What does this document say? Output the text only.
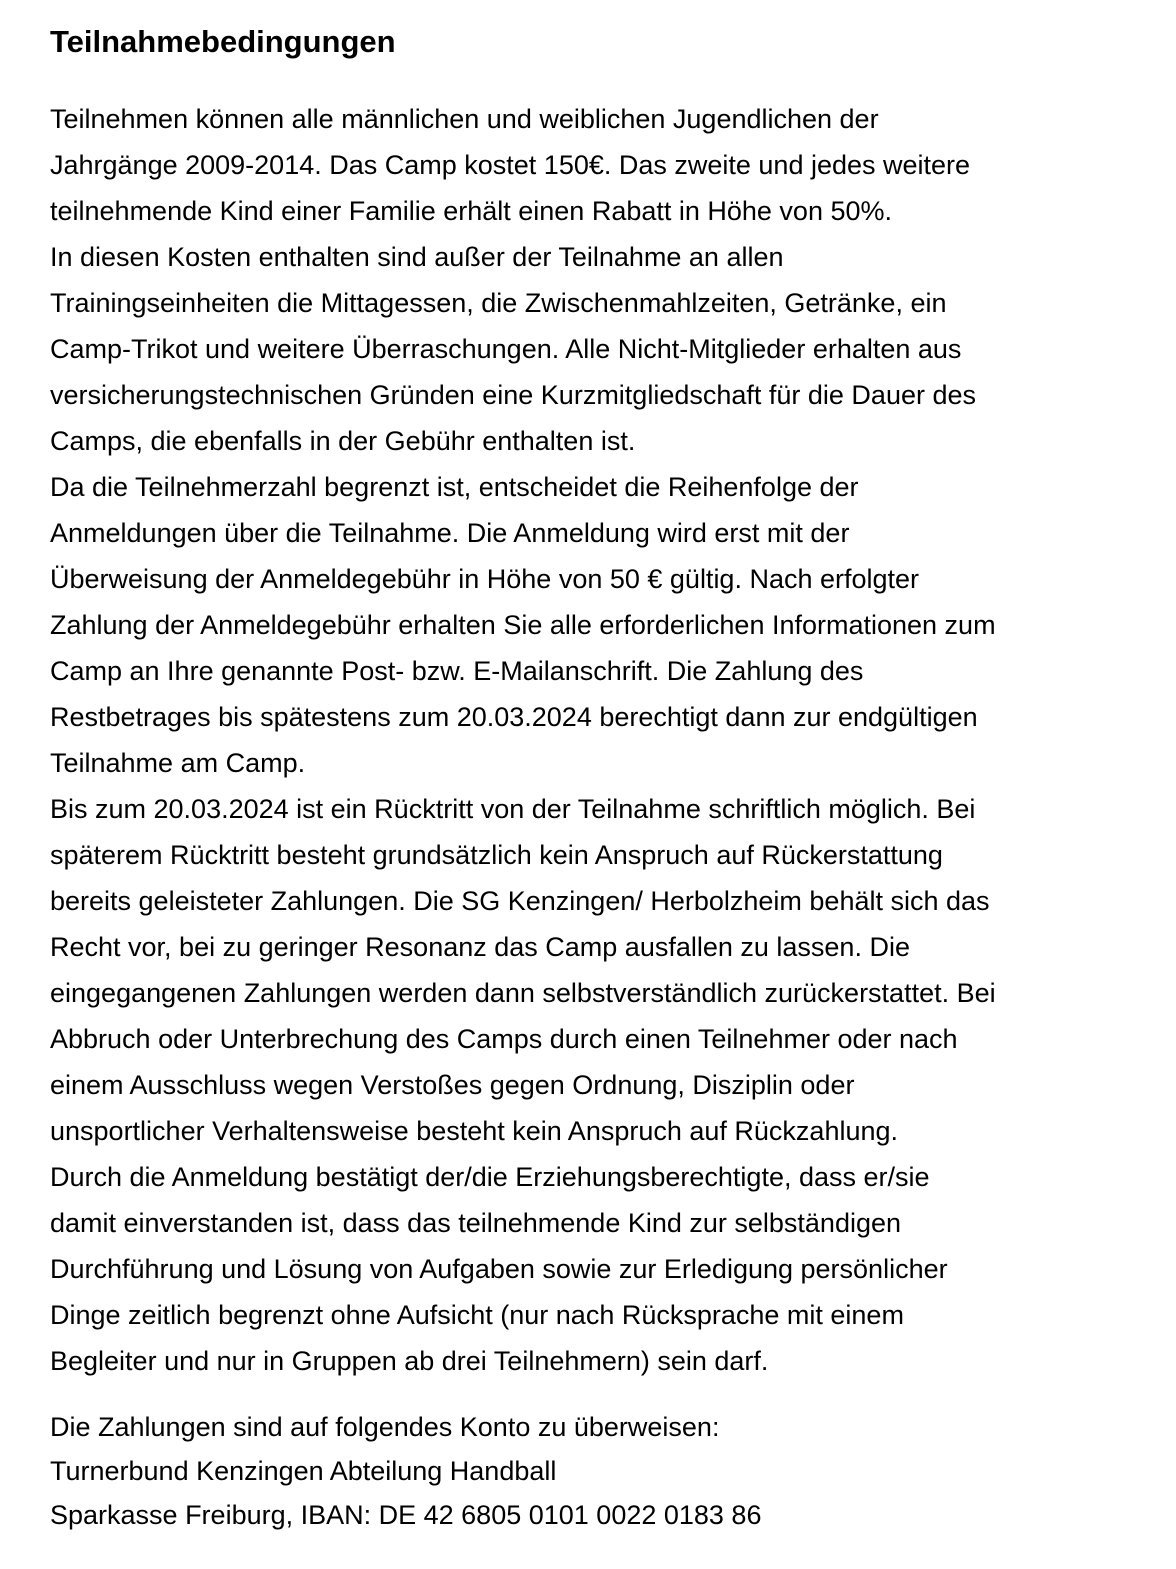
Teilnahmebedingungen
Teilnehmen können alle männlichen und weiblichen Jugendlichen der
Jahrgänge 2009-2014. Das Camp kostet 150€. Das zweite und jedes weitere
teilnehmende Kind einer Familie erhält einen Rabatt in Höhe von 50%.
In diesen Kosten enthalten sind außer der Teilnahme an allen
Trainingseinheiten die Mittagessen, die Zwischenmahlzeiten, Getränke, ein
Camp-Trikot und weitere Überraschungen. Alle Nicht-Mitglieder erhalten aus
versicherungstechnischen Gründen eine Kurzmitgliedschaft für die Dauer des
Camps, die ebenfalls in der Gebühr enthalten ist.
Da die Teilnehmerzahl begrenzt ist, entscheidet die Reihenfolge der
Anmeldungen über die Teilnahme. Die Anmeldung wird erst mit der
Überweisung der Anmeldegebühr in Höhe von 50 € gültig. Nach erfolgter
Zahlung der Anmeldegebühr erhalten Sie alle erforderlichen Informationen zum
Camp an Ihre genannte Post- bzw. E-Mailanschrift. Die Zahlung des
Restbetrages bis spätestens zum 20.03.2024 berechtigt dann zur endgültigen
Teilnahme am Camp.
Bis zum 20.03.2024 ist ein Rücktritt von der Teilnahme schriftlich möglich. Bei
späterem Rücktritt besteht grundsätzlich kein Anspruch auf Rückerstattung
bereits geleisteter Zahlungen. Die SG Kenzingen/ Herbolzheim behält sich das
Recht vor, bei zu geringer Resonanz das Camp ausfallen zu lassen. Die
eingegangenen Zahlungen werden dann selbstverständlich zurückerstattet. Bei
Abbruch oder Unterbrechung des Camps durch einen Teilnehmer oder nach
einem Ausschluss wegen Verstoßes gegen Ordnung, Disziplin oder
unsportlicher Verhaltensweise besteht kein Anspruch auf Rückzahlung.
Durch die Anmeldung bestätigt der/die Erziehungsberechtigte, dass er/sie
damit einverstanden ist, dass das teilnehmende Kind zur selbständigen
Durchführung und Lösung von Aufgaben sowie zur Erledigung persönlicher
Dinge zeitlich begrenzt ohne Aufsicht (nur nach Rücksprache mit einem
Begleiter und nur in Gruppen ab drei Teilnehmern) sein darf.
Die Zahlungen sind auf folgendes Konto zu überweisen:
Turnerbund Kenzingen Abteilung Handball
Sparkasse Freiburg, IBAN: DE 42 6805 0101 0022 0183 86
